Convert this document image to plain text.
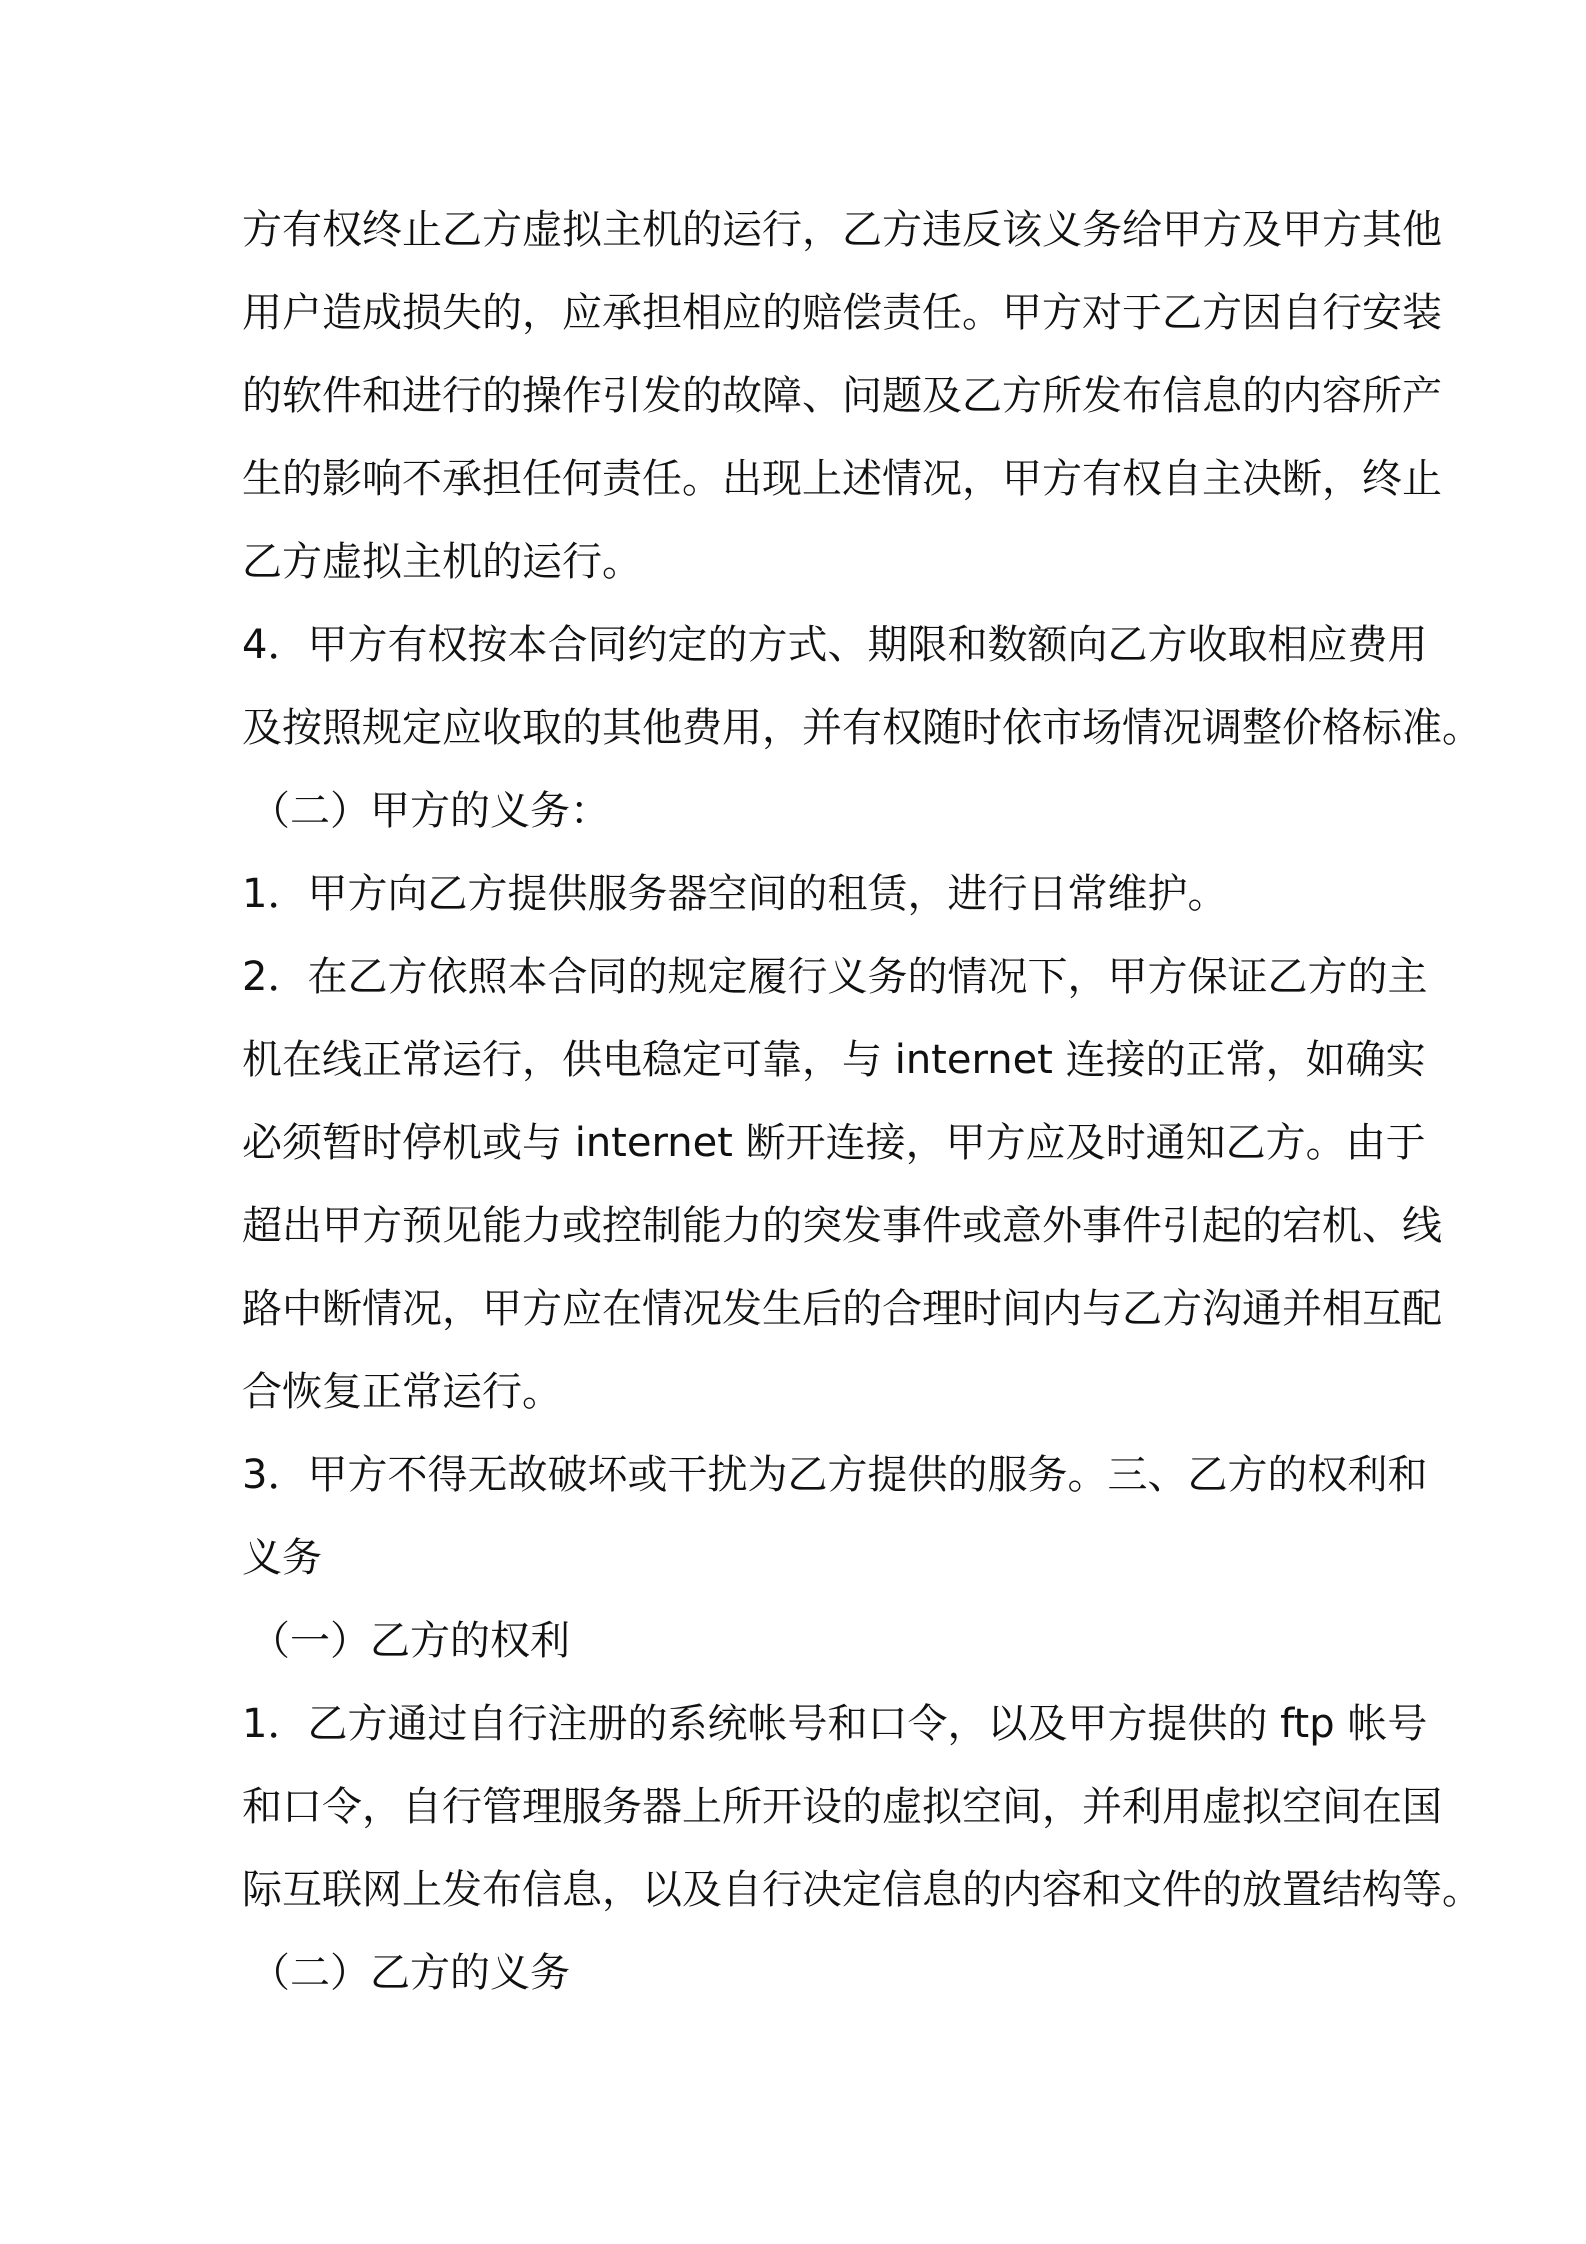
方有权终止乙方虚拟主机的运行，乙方违反该义务给甲方及甲方其他
用户造成损失的，应承担相应的赔偿责任。甲方对于乙方因自行安装
的软件和进行的操作引发的故障、问题及乙方所发布信息的内容所产
生的影响不承担任何责任。出现上述情况，甲方有权自主决断，终止
乙方虚拟主机的运行。
4．甲方有权按本合同约定的方式、期限和数额向乙方收取相应费用
及按照规定应收取的其他费用，并有权随时依市场情况调整价格标准。
（二）甲方的义务：
1．甲方向乙方提供服务器空间的租赁，进行日常维护。
2．在乙方依照本合同的规定履行义务的情况下，甲方保证乙方的主
机在线正常运行，供电稳定可靠，与 internet 连接的正常，如确实
必须暂时停机或与 internet 断开连接，甲方应及时通知乙方。由于
超出甲方预见能力或控制能力的突发事件或意外事件引起的宕机、线
路中断情况，甲方应在情况发生后的合理时间内与乙方沟通并相互配
合恢复正常运行。
3．甲方不得无故破坏或干扰为乙方提供的服务。三、乙方的权利和
义务
（一）乙方的权利
1．乙方通过自行注册的系统帐号和口令，以及甲方提供的 ftp 帐号
和口令，自行管理服务器上所开设的虚拟空间，并利用虚拟空间在国
际互联网上发布信息，以及自行决定信息的内容和文件的放置结构等。
（二）乙方的义务
